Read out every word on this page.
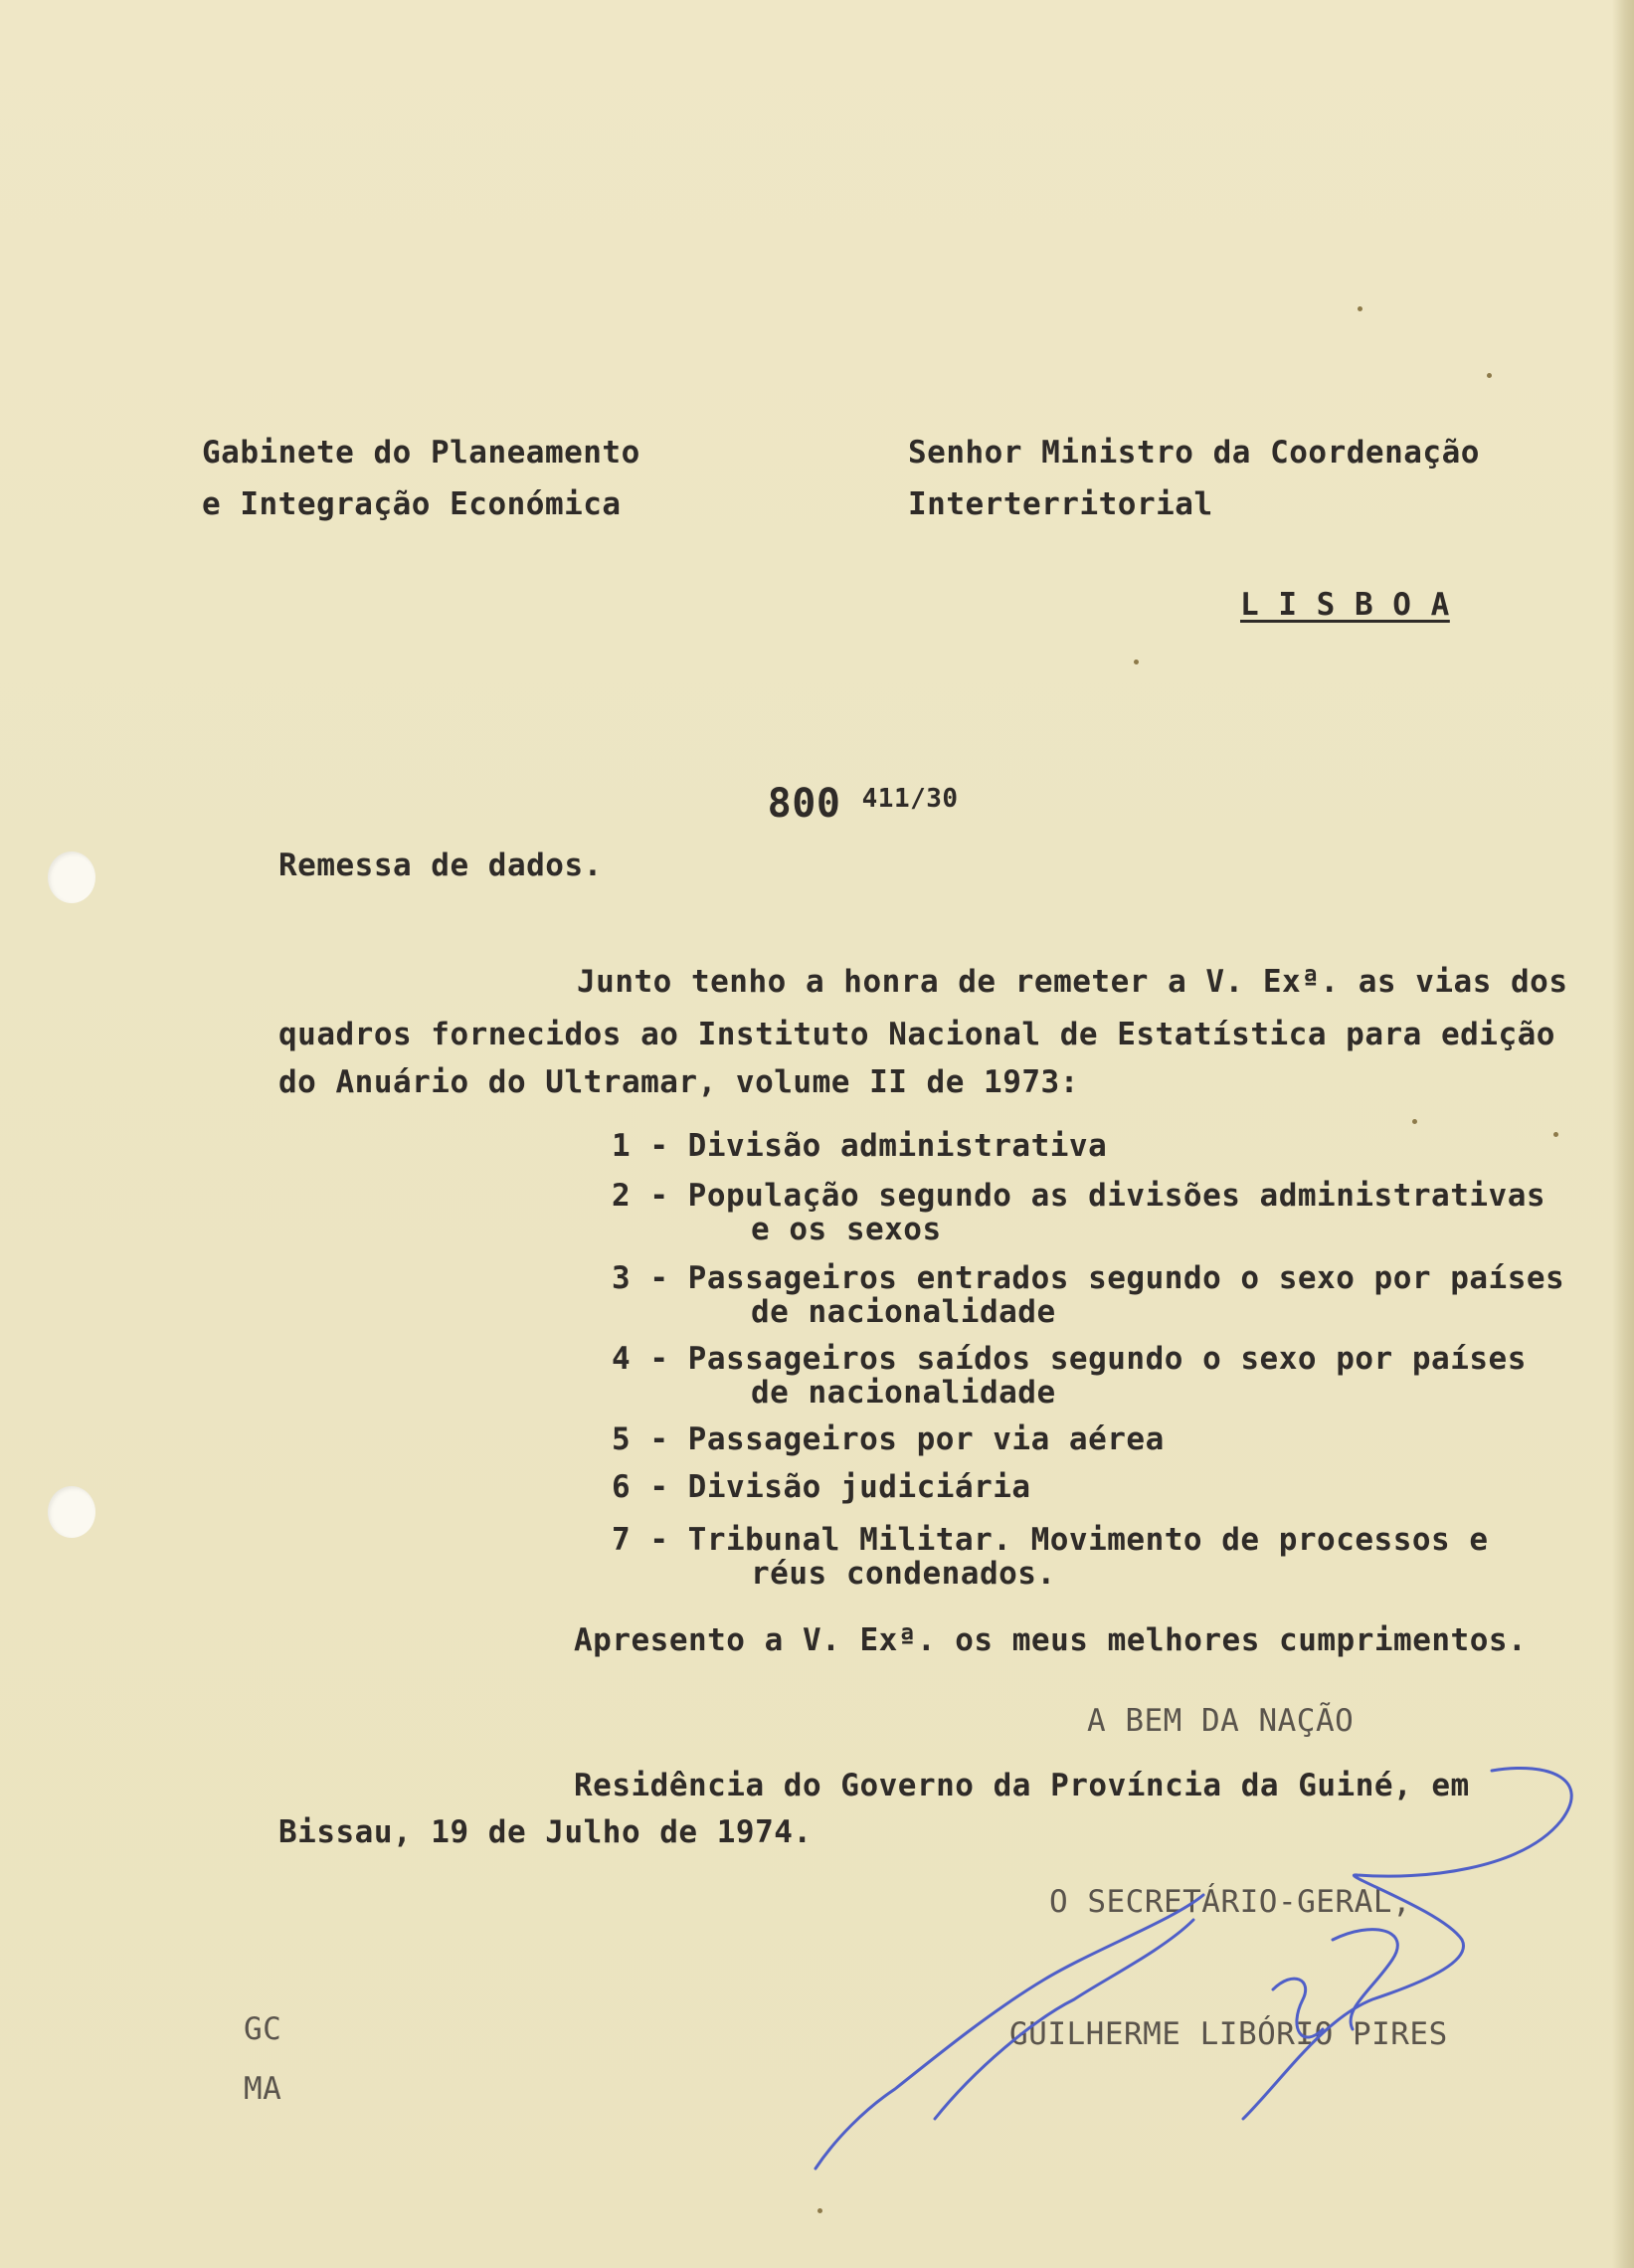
Gabinete do Planeamento
e Integração Económica
Senhor Ministro da Coordenação
Interterritorial
L I S B O A

800
411/30

Remessa de dados.
Junto tenho a honra de remeter a V. Exª. as vias dos
quadros fornecidos ao Instituto Nacional de Estatística para edição
do Anuário do Ultramar, volume II de 1973:
1 - Divisão administrativa
2 - População segundo as divisões administrativas
e os sexos
3 - Passageiros entrados segundo o sexo por países
de nacionalidade
4 - Passageiros saídos segundo o sexo por países
de nacionalidade
5 - Passageiros por via aérea
6 - Divisão judiciária
7 - Tribunal Militar. Movimento de processos e
réus condenados.
Apresento a V. Exª. os meus melhores cumprimentos.
A BEM DA NAÇÃO
Residência do Governo da Província da Guiné, em
Bissau, 19 de Julho de 1974.
O SECRETÁRIO-GERAL,
GUILHERME LIBÓRIO PIRES
GC
MA
